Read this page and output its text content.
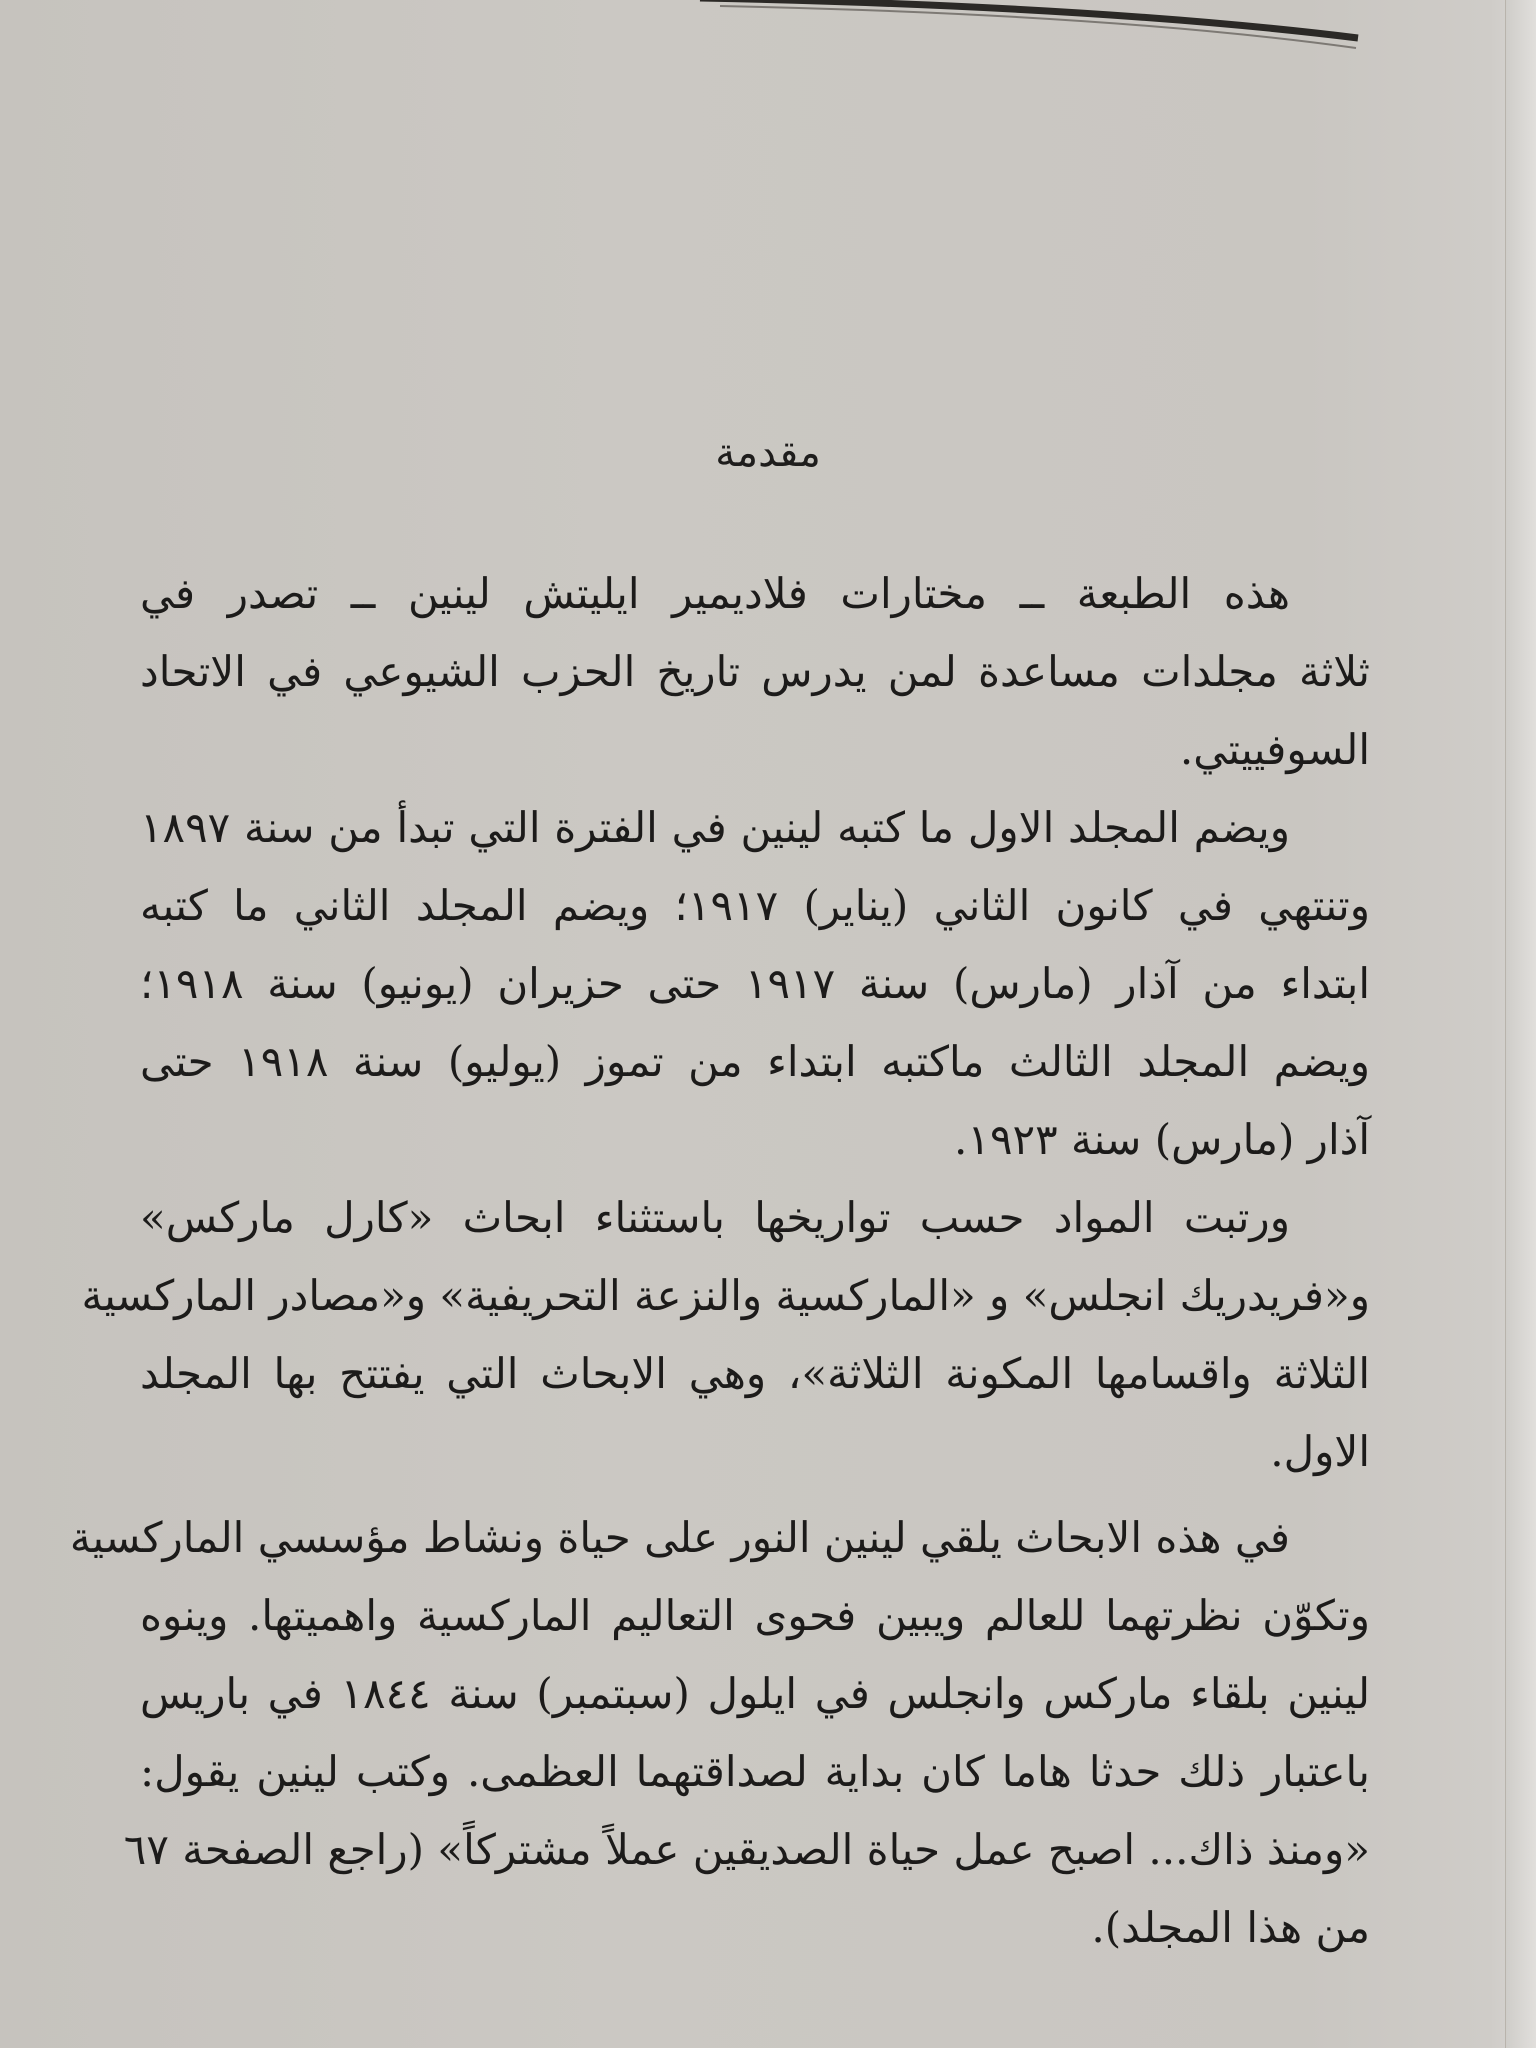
مقدمة
هذه الطبعة ــ مختارات فلاديمير ايليتش لينين ــ تصدر في
ثلاثة مجلدات مساعدة لمن يدرس تاريخ الحزب الشيوعي في الاتحاد
السوفييتي.
ويضم المجلد الاول ما كتبه لينين في الفترة التي تبدأ من سنة ١٨٩٧
وتنتهي في كانون الثاني (يناير) ١٩١٧؛ ويضم المجلد الثاني ما كتبه
ابتداء من آذار (مارس) سنة ١٩١٧ حتى حزيران (يونيو) سنة ١٩١٨؛
ويضم المجلد الثالث ماكتبه ابتداء من تموز (يوليو) سنة ١٩١٨ حتى
آذار (مارس) سنة ١٩٢٣.
ورتبت المواد حسب تواريخها باستثناء ابحاث «كارل ماركس»
و«فريدريك انجلس» و «الماركسية والنزعة التحريفية» و«مصادر الماركسية
الثلاثة واقسامها المكونة الثلاثة»، وهي الابحاث التي يفتتح بها المجلد
الاول.
في هذه الابحاث يلقي لينين النور على حياة ونشاط مؤسسي الماركسية
وتكوّن نظرتهما للعالم ويبين فحوى التعاليم الماركسية واهميتها. وينوه
لينين بلقاء ماركس وانجلس في ايلول (سبتمبر) سنة ١٨٤٤ في باريس
باعتبار ذلك حدثا هاما كان بداية لصداقتهما العظمى. وكتب لينين يقول:
«ومنذ ذاك... اصبح عمل حياة الصديقين عملاً مشتركاً» (راجع الصفحة ٦٧
من هذا المجلد).
